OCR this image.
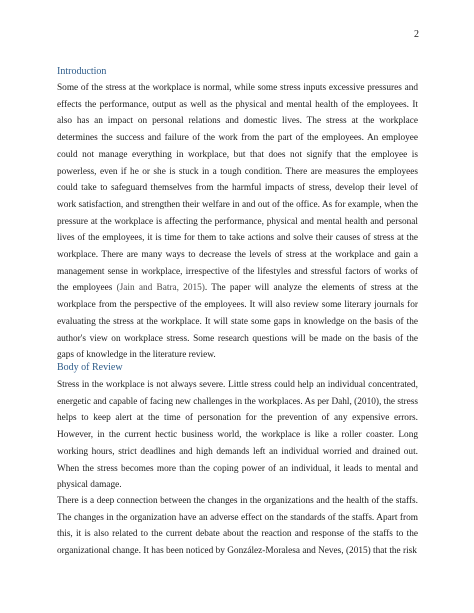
2
Introduction
Some of the stress at the workplace is normal, while some stress inputs excessive pressures and effects the performance, output as well as the physical and mental health of the employees. It also has an impact on personal relations and domestic lives. The stress at the workplace determines the success and failure of the work from the part of the employees. An employee could not manage everything in workplace, but that does not signify that the employee is powerless, even if he or she is stuck in a tough condition. There are measures the employees could take to safeguard themselves from the harmful impacts of stress, develop their level of work satisfaction, and strengthen their welfare in and out of the office. As for example, when the pressure at the workplace is affecting the performance, physical and mental health and personal lives of the employees, it is time for them to take actions and solve their causes of stress at the workplace. There are many ways to decrease the levels of stress at the workplace and gain a management sense in workplace, irrespective of the lifestyles and stressful factors of works of the employees (Jain and Batra, 2015). The paper will analyze the elements of stress at the workplace from the perspective of the employees. It will also review some literary journals for evaluating the stress at the workplace. It will state some gaps in knowledge on the basis of the author's view on workplace stress. Some research questions will be made on the basis of the gaps of knowledge in the literature review.
Body of Review
Stress in the workplace is not always severe. Little stress could help an individual concentrated, energetic and capable of facing new challenges in the workplaces. As per Dahl, (2010), the stress helps to keep alert at the time of personation for the prevention of any expensive errors. However, in the current hectic business world, the workplace is like a roller coaster. Long working hours, strict deadlines and high demands left an individual worried and drained out. When the stress becomes more than the coping power of an individual, it leads to mental and physical damage.
There is a deep connection between the changes in the organizations and the health of the staffs. The changes in the organization have an adverse effect on the standards of the staffs. Apart from this, it is also related to the current debate about the reaction and response of the staffs to the organizational change. It has been noticed by González-Moralesa and Neves, (2015) that the risk
